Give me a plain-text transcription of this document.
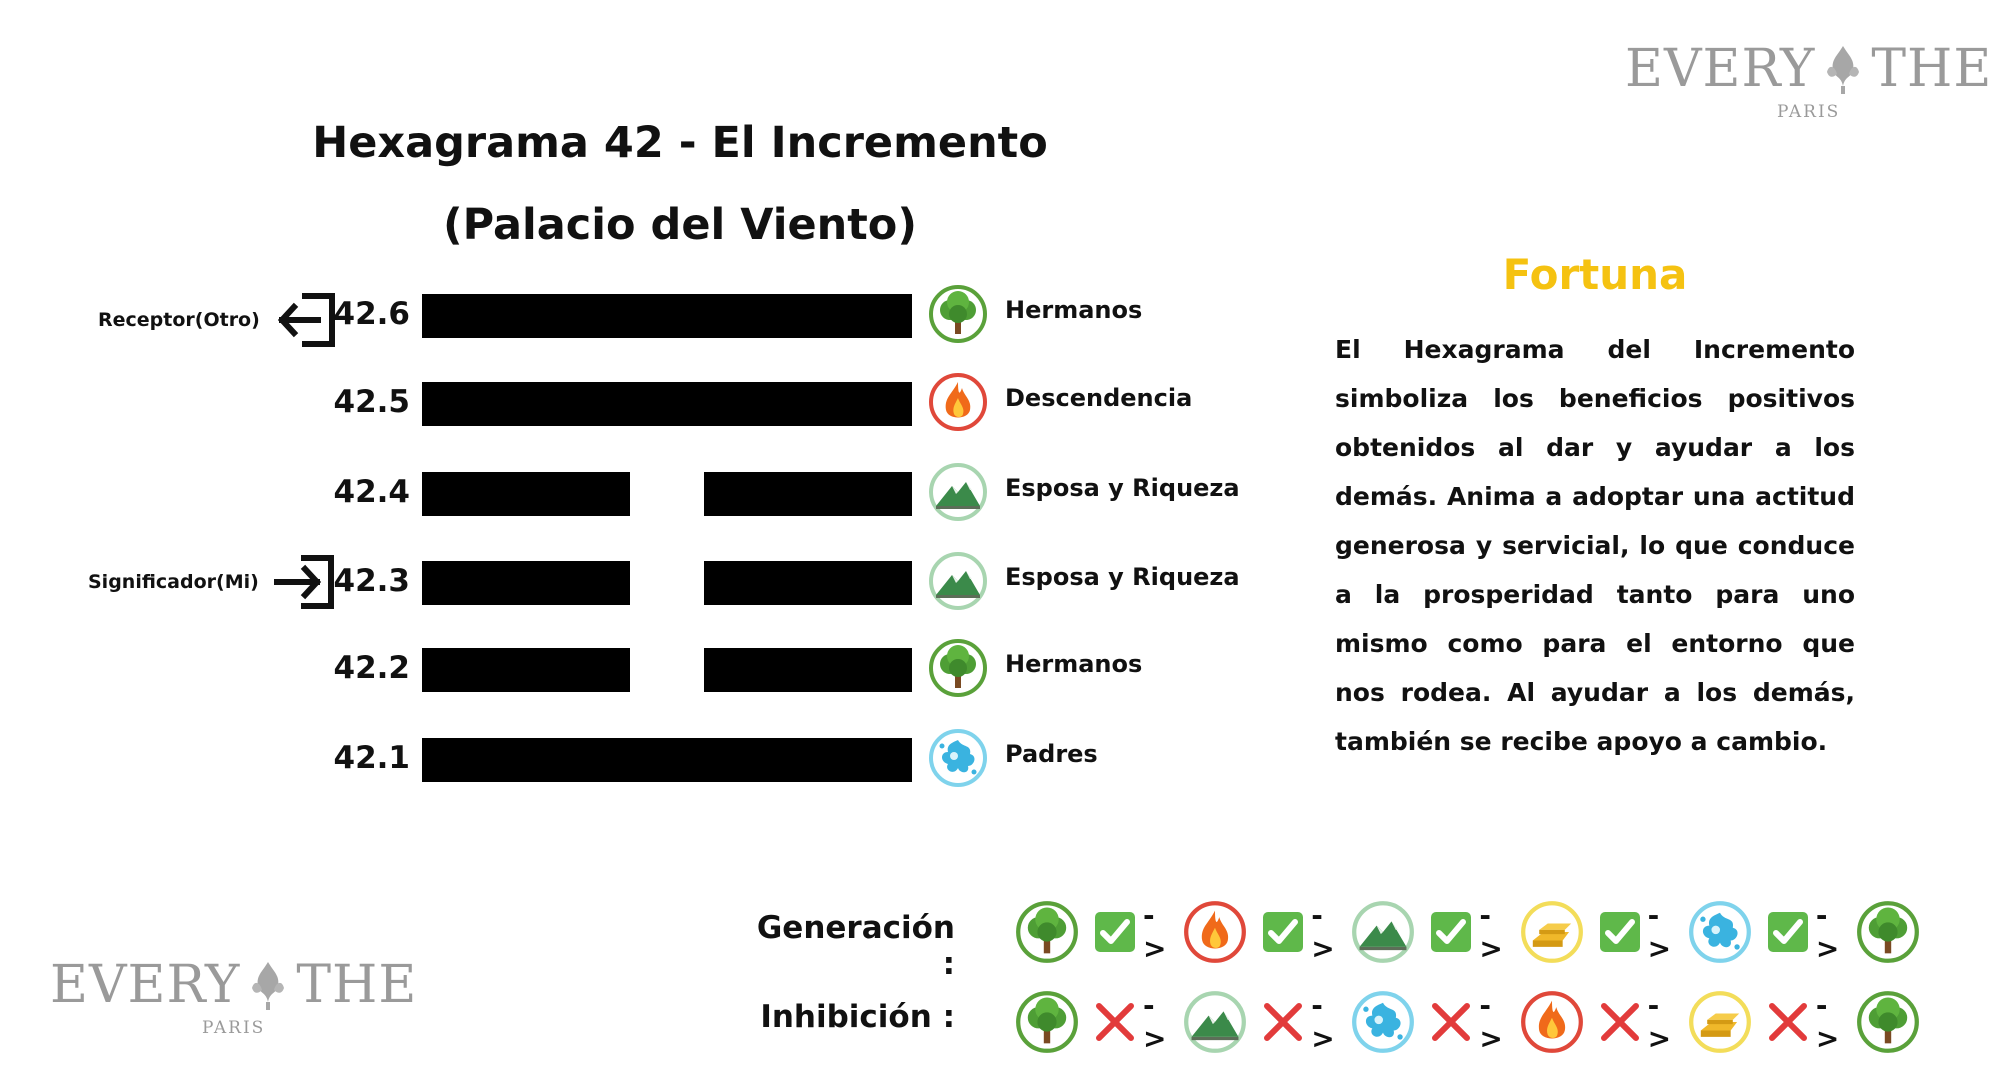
EVERY THE
PARIS
EVERY THE
PARIS
Hexagrama 42 - El Incremento
(Palacio del Viento)
Receptor(Otro)
Significador(Mi)
42.6	Hermanos
42.5	Descendencia
42.4	Esposa y Riqueza
42.3	Esposa y Riqueza
42.2	Hermanos
42.1	Padres
Fortuna
El Hexagrama del Incremento simboliza los beneficios positivos obtenidos al dar y ayudar a los demás. Anima a adoptar una actitud generosa y servicial, lo que conduce a la prosperidad tanto para uno mismo como para el entorno que nos rodea. Al ayudar a los demás, también se recibe apoyo a cambio.
Generación :
- >
- >
- >
- >
- >
Inhibición :	- >
- >
- >
- >
- >
